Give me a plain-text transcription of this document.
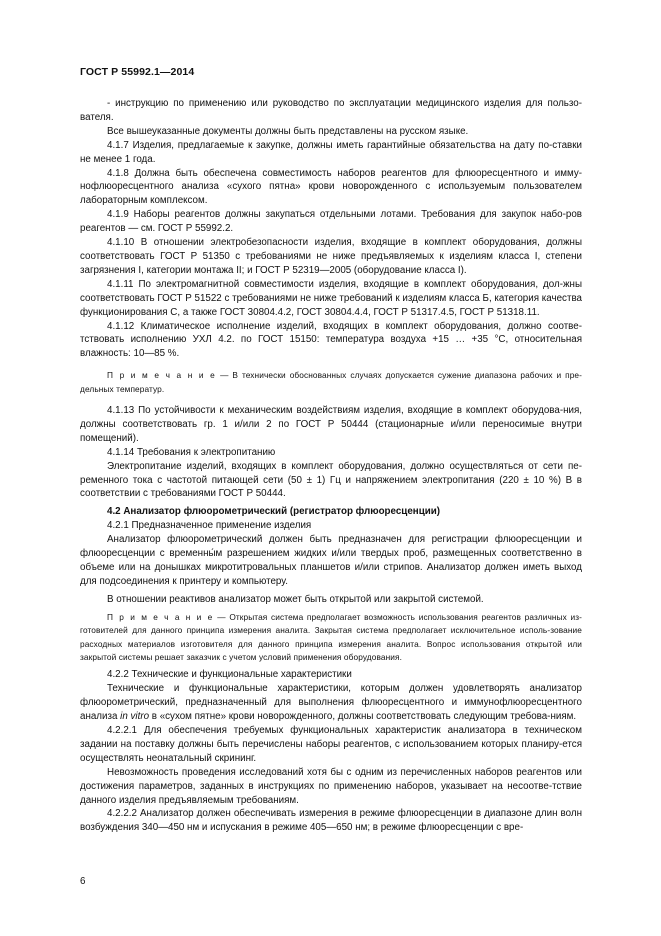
ГОСТ Р 55992.1—2014

- инструкцию по применению или руководство по эксплуатации медицинского изделия для пользо-вателя.

Все вышеуказанные документы должны быть представлены на русском языке.

4.1.7 Изделия, предлагаемые к закупке, должны иметь гарантийные обязательства на дату по-ставки не менее 1 года.

4.1.8 Должна быть обеспечена совместимость наборов реагентов для флюоресцентного и имму-нофлюоресцентного анализа «сухого пятна» крови новорожденного с используемым пользователем лабораторным комплексом.

4.1.9 Наборы реагентов должны закупаться отдельными лотами. Требования для закупок набо-ров реагентов — см. ГОСТ Р 55992.2.

4.1.10 В отношении электробезопасности изделия, входящие в комплект оборудования, должны соответствовать ГОСТ Р 51350 с требованиями не ниже предъявляемых к изделиям класса I, степени загрязнения I, категории монтажа II; и ГОСТ Р 52319—2005 (оборудование класса I).

4.1.11 По электромагнитной совместимости изделия, входящие в комплект оборудования, дол-жны соответствовать ГОСТ Р 51522 с требованиями не ниже требований к изделиям класса Б, категория качества функционирования С, а также ГОСТ 30804.4.2, ГОСТ 30804.4.4, ГОСТ Р 51317.4.5, ГОСТ Р 51318.11.

4.1.12 Климатическое исполнение изделий, входящих в комплект оборудования, должно соотве-тствовать исполнению УХЛ 4.2. по ГОСТ 15150: температура воздуха +15 … +35 °С, относительная влажность: 10—85 %.

П р и м е ч а н и е — В технически обоснованных случаях допускается сужение диапазона рабочих и пре-дельных температур.

4.1.13 По устойчивости к механическим воздействиям изделия, входящие в комплект оборудова-ния, должны соответствовать гр. 1 и/или 2 по ГОСТ Р 50444 (стационарные и/или переносимые внутри помещений).

4.1.14 Требования к электропитанию

Электропитание изделий, входящих в комплект оборудования, должно осуществляться от сети пе-ременного тока с частотой питающей сети (50 ± 1) Гц и напряжением электропитания (220 ± 10 %) В в соответствии с требованиями ГОСТ Р 50444.

4.2 Анализатор флюорометрический (регистратор флюоресценции)

4.2.1 Предназначенное применение изделия

Анализатор флюорометрический должен быть предназначен для регистрации флюоресценции и флюоресценции с временны́м разрешением жидких и/или твердых проб, размещенных соответственно в объеме или на донышках микротитровальных планшетов и/или стрипов. Анализатор должен иметь выход для подсоединения к принтеру и компьютеру.

В отношении реактивов анализатор может быть открытой или закрытой системой.

П р и м е ч а н и е — Открытая система предполагает возможность использования реагентов различных из-готовителей для данного принципа измерения аналита. Закрытая система предполагает исключительное исполь-зование расходных материалов изготовителя для данного принципа измерения аналита. Вопрос использования открытой или закрытой системы решает заказчик с учетом условий применения оборудования.

4.2.2 Технические и функциональные характеристики

Технические и функциональные характеристики, которым должен удовлетворять анализатор флюорометрический, предназначенный для выполнения флюоресцентного и иммунофлюоресцентного анализа in vitro в «сухом пятне» крови новорожденного, должны соответствовать следующим требова-ниям.

4.2.2.1 Для обеспечения требуемых функциональных характеристик анализатора в техническом задании на поставку должны быть перечислены наборы реагентов, с использованием которых планиру-ется осуществлять неонатальный скрининг.

Невозможность проведения исследований хотя бы с одним из перечисленных наборов реагентов или достижения параметров, заданных в инструкциях по применению наборов, указывает на несоотве-тствие данного изделия предъявляемым требованиям.

4.2.2.2 Анализатор должен обеспечивать измерения в режиме флюоресценции в диапазоне длин волн возбуждения 340—450 нм и испускания в режиме 405—650 нм; в режиме флюоресценции с вре-

6
